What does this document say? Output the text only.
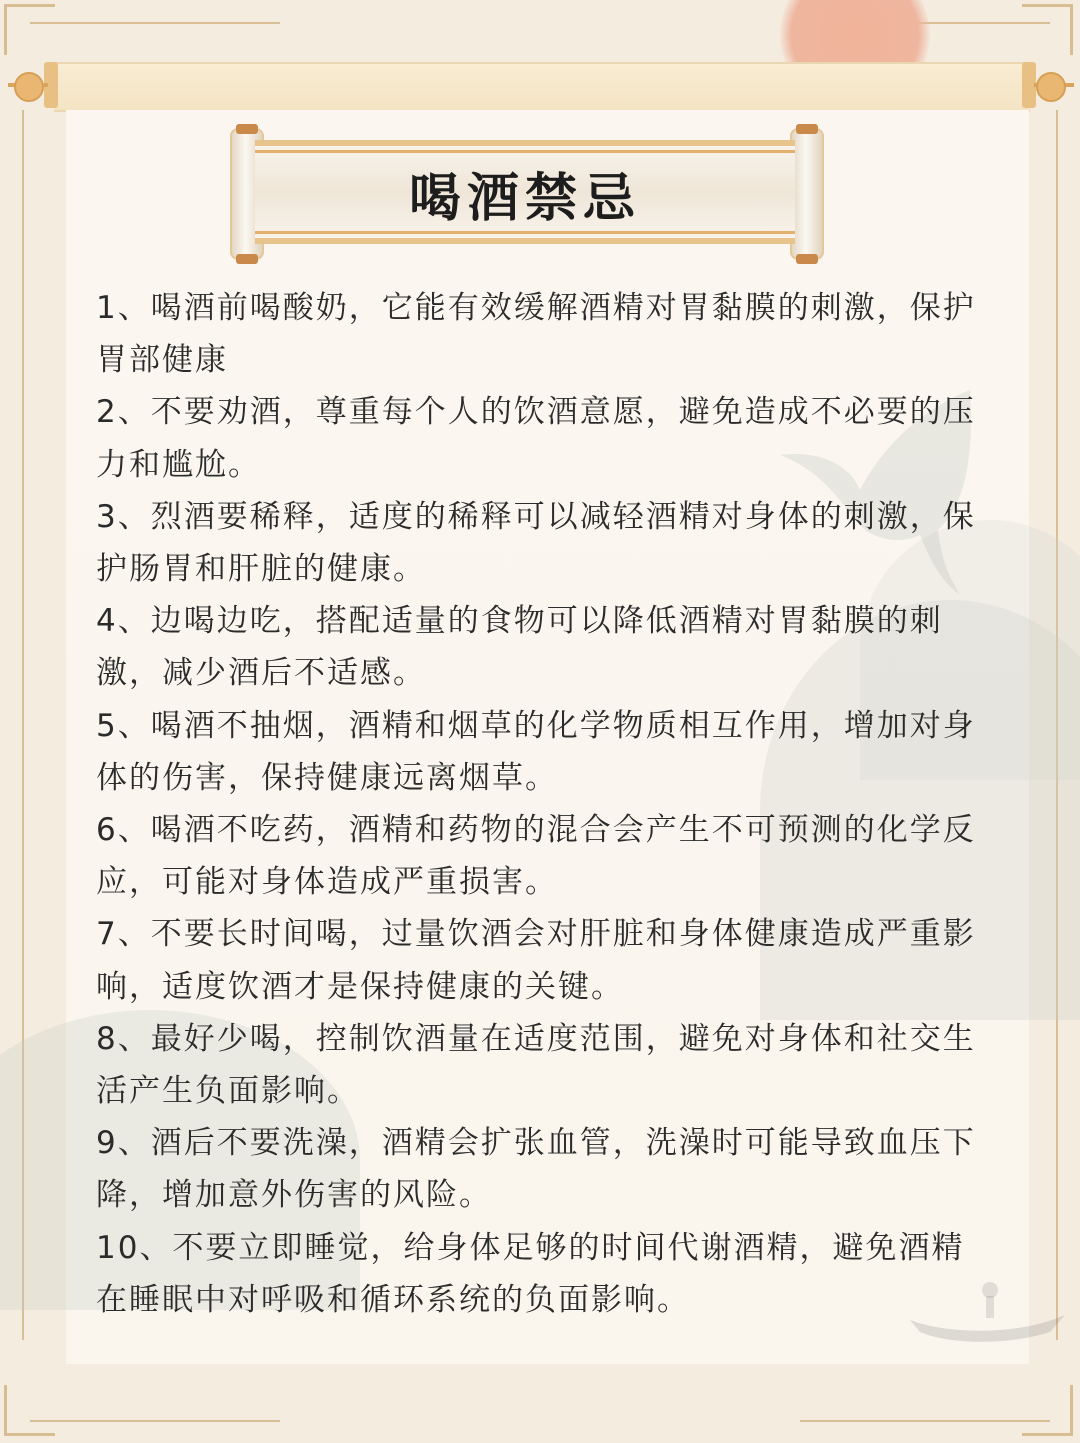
喝酒禁忌
1、喝酒前喝酸奶，它能有效缓解酒精对胃黏膜的刺激，保护胃部健康
2、不要劝酒，尊重每个人的饮酒意愿，避免造成不必要的压力和尴尬。
3、烈酒要稀释，适度的稀释可以减轻酒精对身体的刺激，保护肠胃和肝脏的健康。
4、边喝边吃，搭配适量的食物可以降低酒精对胃黏膜的刺激，减少酒后不适感。
5、喝酒不抽烟，酒精和烟草的化学物质相互作用，增加对身体的伤害，保持健康远离烟草。
6、喝酒不吃药，酒精和药物的混合会产生不可预测的化学反应，可能对身体造成严重损害。
7、不要长时间喝，过量饮酒会对肝脏和身体健康造成严重影响，适度饮酒才是保持健康的关键。
8、最好少喝，控制饮酒量在适度范围，避免对身体和社交生活产生负面影响。
9、酒后不要洗澡，酒精会扩张血管，洗澡时可能导致血压下降，增加意外伤害的风险。
10、不要立即睡觉，给身体足够的时间代谢酒精，避免酒精在睡眠中对呼吸和循环系统的负面影响。
